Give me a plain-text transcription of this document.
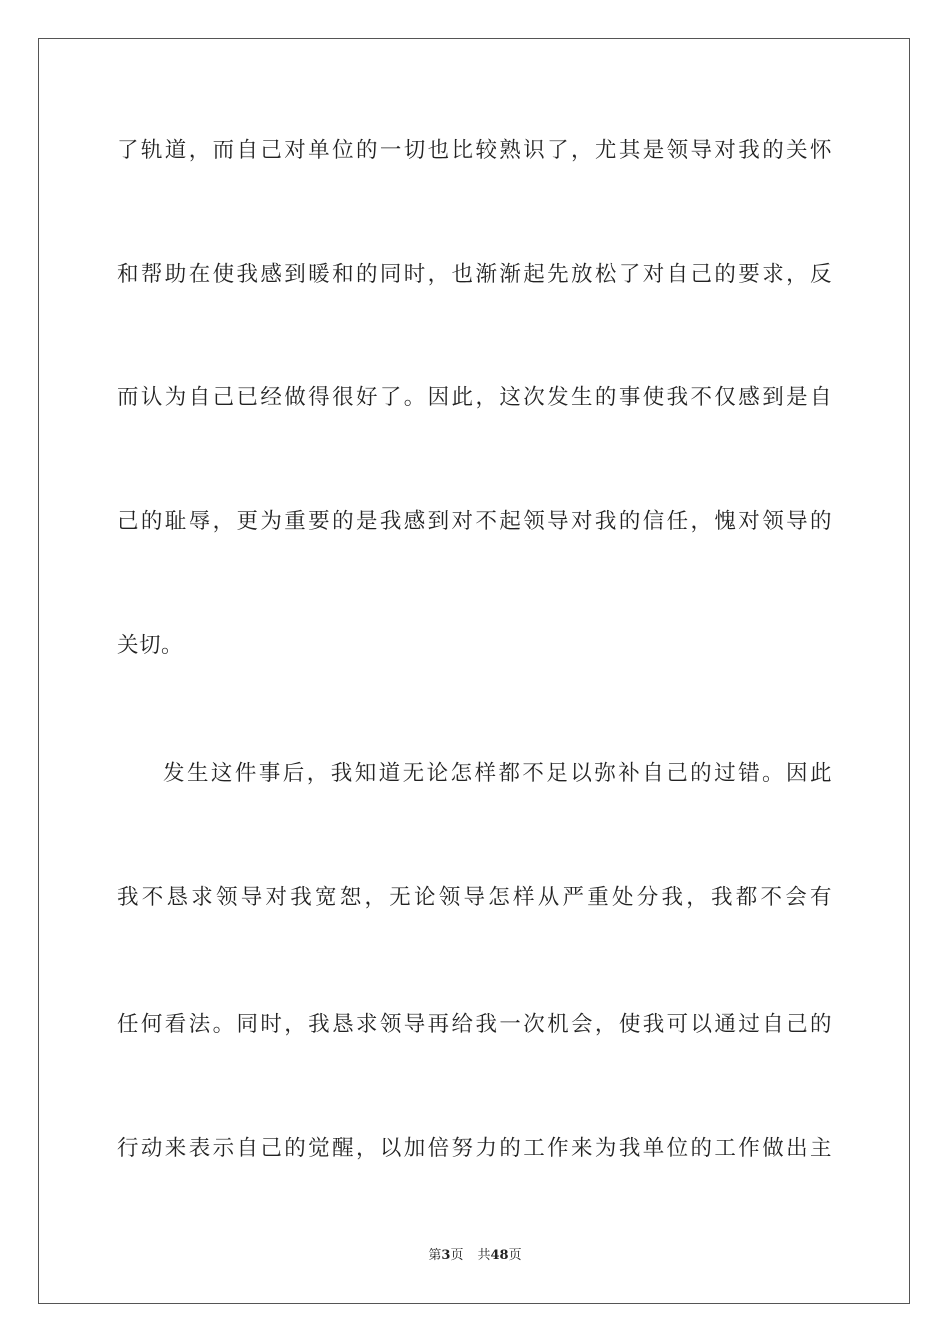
了轨道，而自己对单位的一切也比较熟识了，尤其是领导对我的关怀
和帮助在使我感到暖和的同时，也渐渐起先放松了对自己的要求，反
而认为自己已经做得很好了。因此，这次发生的事使我不仅感到是自
己的耻辱，更为重要的是我感到对不起领导对我的信任，愧对领导的
关切。
发生这件事后，我知道无论怎样都不足以弥补自己的过错。因此
我不恳求领导对我宽恕，无论领导怎样从严重处分我，我都不会有
任何看法。同时，我恳求领导再给我一次机会，使我可以通过自己的
行动来表示自己的觉醒，以加倍努力的工作来为我单位的工作做出主
第3页 共48页
